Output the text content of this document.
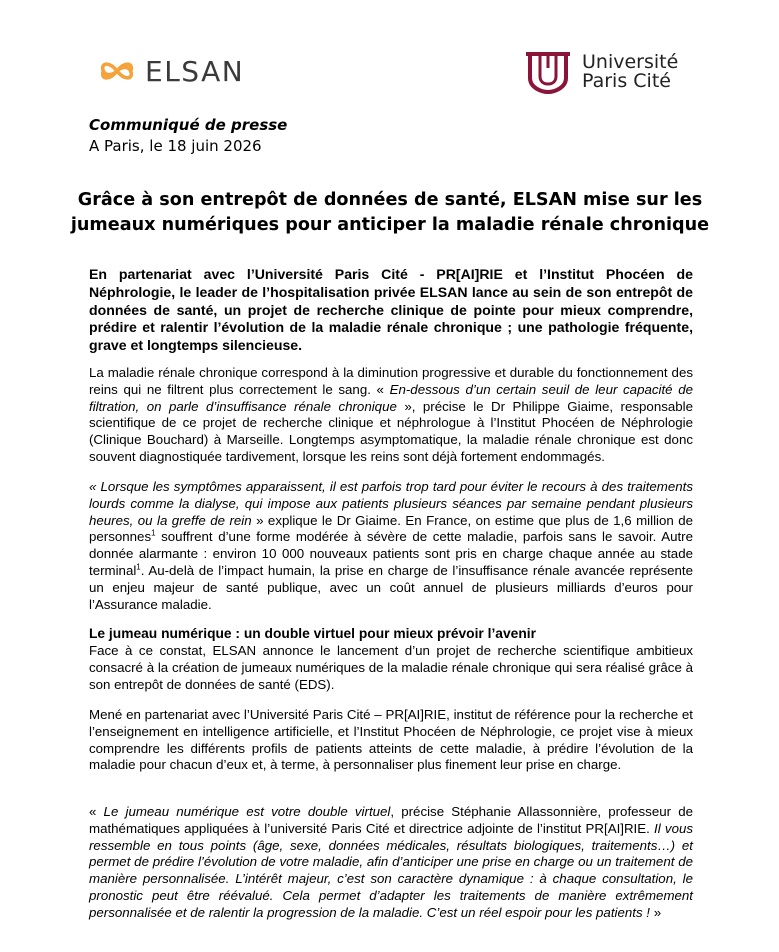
ELSAN	Université
Paris Cité
Communiqué de presse
A Paris, le 18 juin 2026
Grâce à son entrepôt de données de santé, ELSAN mise sur les
jumeaux numériques pour anticiper la maladie rénale chronique
En partenariat avec l’Université Paris Cité - PR[AI]RIE et l’Institut Phocéen de Néphrologie, le leader de l’hospitalisation privée ELSAN lance au sein de son entrepôt de données de santé, un projet de recherche clinique de pointe pour mieux comprendre, prédire et ralentir l’évolution de la maladie rénale chronique ; une pathologie fréquente, grave et longtemps silencieuse.
La maladie rénale chronique correspond à la diminution progressive et durable du fonctionnement des reins qui ne filtrent plus correctement le sang. « En-dessous d’un certain seuil de leur capacité de filtration, on parle d’insuffisance rénale chronique », précise le Dr Philippe Giaime, responsable scientifique de ce projet de recherche clinique et néphrologue à l’Institut Phocéen de Néphrologie (Clinique Bouchard) à Marseille. Longtemps asymptomatique, la maladie rénale chronique est donc souvent diagnostiquée tardivement, lorsque les reins sont déjà fortement endommagés.
« Lorsque les symptômes apparaissent, il est parfois trop tard pour éviter le recours à des traitements lourds comme la dialyse, qui impose aux patients plusieurs séances par semaine pendant plusieurs heures, ou la greffe de rein » explique le Dr Giaime. En France, on estime que plus de 1,6 million de personnes$^1$ souffrent d’une forme modérée à sévère de cette maladie, parfois sans le savoir. Autre donnée alarmante : environ 10 000 nouveaux patients sont pris en charge chaque année au stade terminal$^1$. Au-delà de l’impact humain, la prise en charge de l’insuffisance rénale avancée représente un enjeu majeur de santé publique, avec un coût annuel de plusieurs milliards d’euros pour l’Assurance maladie.
Le jumeau numérique : un double virtuel pour mieux prévoir l’avenir
Face à ce constat, ELSAN annonce le lancement d’un projet de recherche scientifique ambitieux consacré à la création de jumeaux numériques de la maladie rénale chronique qui sera réalisé grâce à son entrepôt de données de santé (EDS).
Mené en partenariat avec l’Université Paris Cité – PR[AI]RIE, institut de référence pour la recherche et l’enseignement en intelligence artificielle, et l’Institut Phocéen de Néphrologie, ce projet vise à mieux comprendre les différents profils de patients atteints de cette maladie, à prédire l’évolution de la maladie pour chacun d’eux et, à terme, à personnaliser plus finement leur prise en charge.
« Le jumeau numérique est votre double virtuel, précise Stéphanie Allassonnière, professeur de mathématiques appliquées à l’université Paris Cité et directrice adjointe de l’institut PR[AI]RIE. Il vous ressemble en tous points (âge, sexe, données médicales, résultats biologiques, traitements…) et permet de prédire l’évolution de votre maladie, afin d’anticiper une prise en charge ou un traitement de manière personnalisée. L’intérêt majeur, c’est son caractère dynamique : à chaque consultation, le pronostic peut être réévalué. Cela permet d’adapter les traitements de manière extrêmement personnalisée et de ralentir la progression de la maladie. C’est un réel espoir pour les patients ! »
